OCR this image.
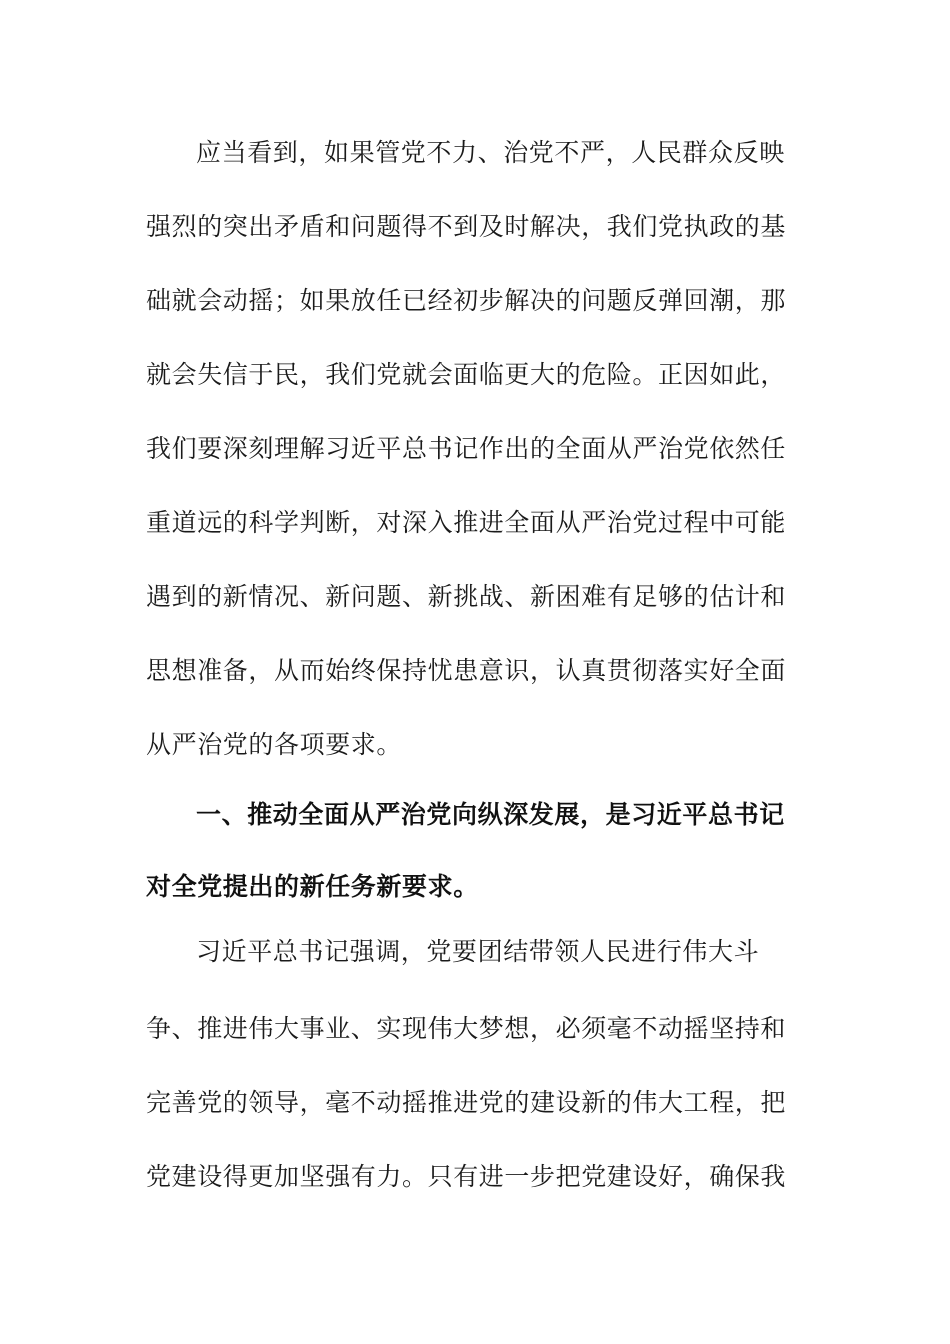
应当看到，如果管党不力、治党不严，人民群众反映
强烈的突出矛盾和问题得不到及时解决，我们党执政的基
础就会动摇；如果放任已经初步解决的问题反弹回潮，那
就会失信于民，我们党就会面临更大的危险。正因如此，
我们要深刻理解习近平总书记作出的全面从严治党依然任
重道远的科学判断，对深入推进全面从严治党过程中可能
遇到的新情况、新问题、新挑战、新困难有足够的估计和
思想准备，从而始终保持忧患意识，认真贯彻落实好全面
从严治党的各项要求。
一、推动全面从严治党向纵深发展，是习近平总书记
对全党提出的新任务新要求。
习近平总书记强调，党要团结带领人民进行伟大斗
争、推进伟大事业、实现伟大梦想，必须毫不动摇坚持和
完善党的领导，毫不动摇推进党的建设新的伟大工程，把
党建设得更加坚强有力。只有进一步把党建设好，确保我
